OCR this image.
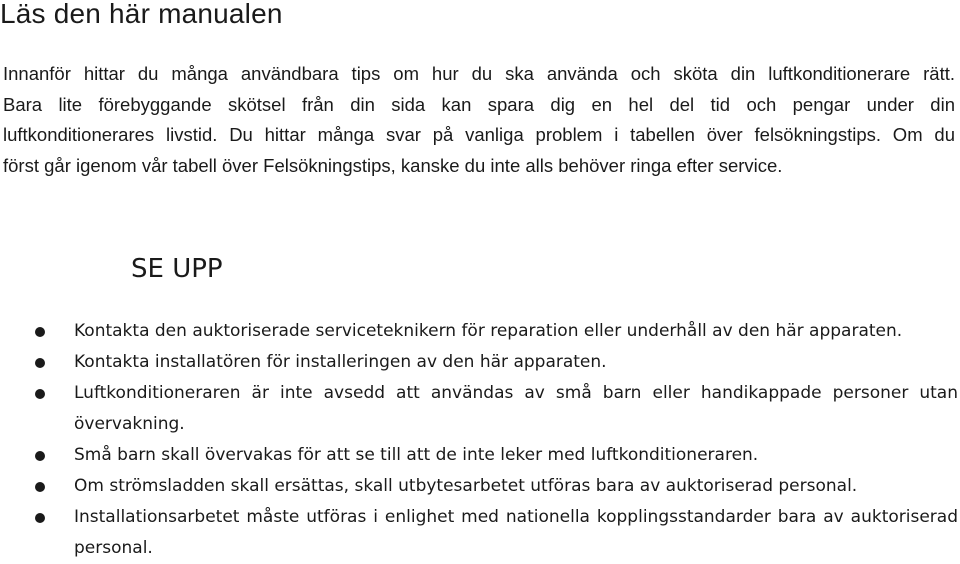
Läs den här manualen

Innanför hittar du många användbara tips om hur du ska använda och sköta din luftkonditionerare rätt.
Bara lite förebyggande skötsel från din sida kan spara dig en hel del tid och pengar under din
luftkonditionerares livstid. Du hittar många svar på vanliga problem i tabellen över felsökningstips. Om du
först går igenom vår tabell över Felsökningstips, kanske du inte alls behöver ringa efter service.

SE UPP
Kontakta den auktoriserade serviceteknikern för reparation eller underhåll av den här apparaten.
Kontakta installatören för installeringen av den här apparaten.
Luftkonditioneraren är inte avsedd att användas av små barn eller handikappade personer utan övervakning.
Små barn skall övervakas för att se till att de inte leker med luftkonditioneraren.
Om strömsladden skall ersättas, skall utbytesarbetet utföras bara av auktoriserad personal.
Installationsarbetet måste utföras i enlighet med nationella kopplingsstandarder bara av auktoriserad personal.
